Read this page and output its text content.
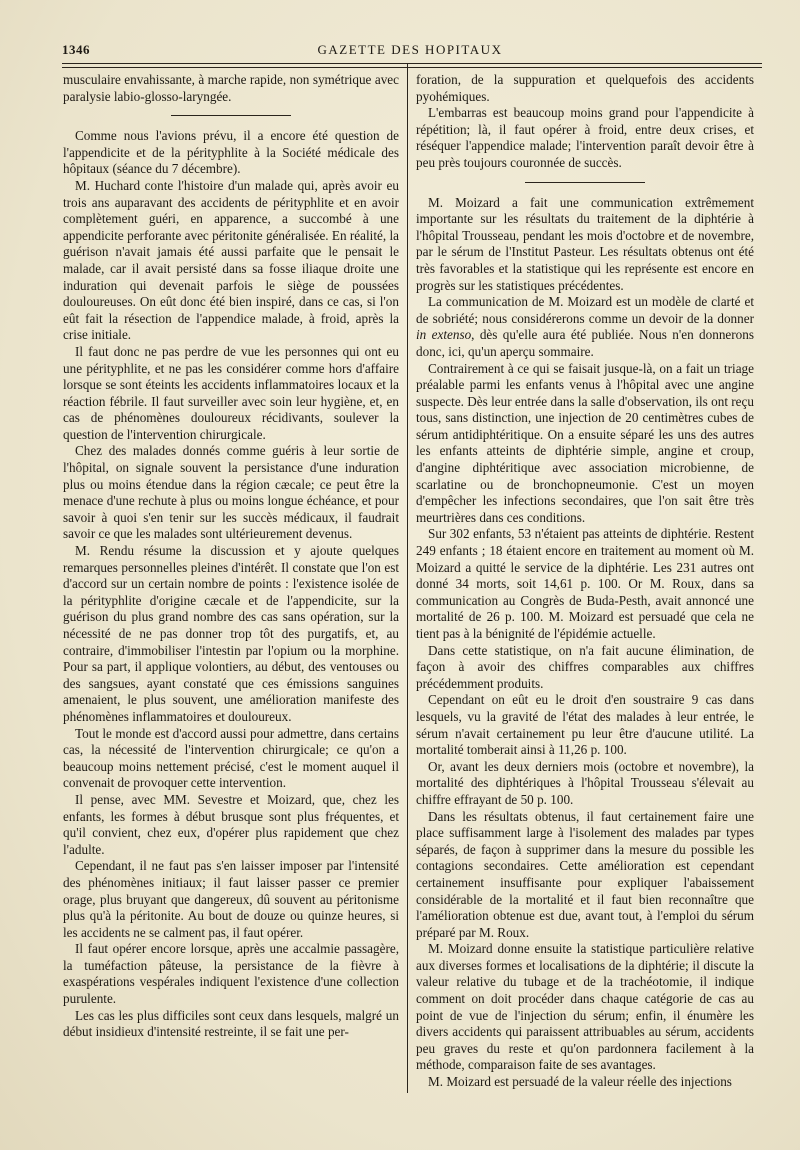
1346	GAZETTE DES HOPITAUX

musculaire envahissante, à marche rapide, non symétrique avec paralysie labio-glosso-laryngée.

Comme nous l'avions prévu, il a encore été question de l'appendicite et de la pérityphlite à la Société médicale des hôpitaux (séance du 7 décembre).

M. Huchard conte l'histoire d'un malade qui, après avoir eu trois ans auparavant des accidents de pérityphlite et en avoir complètement guéri, en apparence, a succombé à une appendicite perforante avec péritonite généralisée. En réalité, la guérison n'avait jamais été aussi parfaite que le pensait le malade, car il avait persisté dans sa fosse iliaque droite une induration qui devenait parfois le siège de poussées douloureuses. On eût donc été bien inspiré, dans ce cas, si l'on eût fait la résection de l'appendice malade, à froid, après la crise initiale.

Il faut donc ne pas perdre de vue les personnes qui ont eu une pérityphlite, et ne pas les considérer comme hors d'affaire lorsque se sont éteints les accidents inflammatoires locaux et la réaction fébrile. Il faut surveiller avec soin leur hygiène, et, en cas de phénomènes douloureux récidivants, soulever la question de l'intervention chirurgicale.

Chez des malades donnés comme guéris à leur sortie de l'hôpital, on signale souvent la persistance d'une induration plus ou moins étendue dans la région cæcale; ce peut être la menace d'une rechute à plus ou moins longue échéance, et pour savoir à quoi s'en tenir sur les succès médicaux, il faudrait savoir ce que les malades sont ultérieurement devenus.

M. Rendu résume la discussion et y ajoute quelques remarques personnelles pleines d'intérêt. Il constate que l'on est d'accord sur un certain nombre de points : l'existence isolée de la pérityphlite d'origine cæcale et de l'appendicite, sur la guérison du plus grand nombre des cas sans opération, sur la nécessité de ne pas donner trop tôt des purgatifs, et, au contraire, d'immobiliser l'intestin par l'opium ou la morphine. Pour sa part, il applique volontiers, au début, des ventouses ou des sangsues, ayant constaté que ces émissions sanguines amenaient, le plus souvent, une amélioration manifeste des phénomènes inflammatoires et douloureux.

Tout le monde est d'accord aussi pour admettre, dans certains cas, la nécessité de l'intervention chirurgicale; ce qu'on a beaucoup moins nettement précisé, c'est le moment auquel il convenait de provoquer cette intervention.

Il pense, avec MM. Sevestre et Moizard, que, chez les enfants, les formes à début brusque sont plus fréquentes, et qu'il convient, chez eux, d'opérer plus rapidement que chez l'adulte.

Cependant, il ne faut pas s'en laisser imposer par l'intensité des phénomènes initiaux; il faut laisser passer ce premier orage, plus bruyant que dangereux, dû souvent au péritonisme plus qu'à la péritonite. Au bout de douze ou quinze heures, si les accidents ne se calment pas, il faut opérer.

Il faut opérer encore lorsque, après une accalmie passagère, la tuméfaction pâteuse, la persistance de la fièvre à exaspérations vespérales indiquent l'existence d'une collection purulente.

Les cas les plus difficiles sont ceux dans lesquels, malgré un début insidieux d'intensité restreinte, il se fait une per-

foration, de la suppuration et quelquefois des accidents pyohémiques.

L'embarras est beaucoup moins grand pour l'appendicite à répétition; là, il faut opérer à froid, entre deux crises, et réséquer l'appendice malade; l'intervention paraît devoir être à peu près toujours couronnée de succès.

M. Moizard a fait une communication extrêmement importante sur les résultats du traitement de la diphtérie à l'hôpital Trousseau, pendant les mois d'octobre et de novembre, par le sérum de l'Institut Pasteur. Les résultats obtenus ont été très favorables et la statistique qui les représente est encore en progrès sur les statistiques précédentes.

La communication de M. Moizard est un modèle de clarté et de sobriété; nous considérerons comme un devoir de la donner in extenso, dès qu'elle aura été publiée. Nous n'en donnerons donc, ici, qu'un aperçu sommaire.

Contrairement à ce qui se faisait jusque-là, on a fait un triage préalable parmi les enfants venus à l'hôpital avec une angine suspecte. Dès leur entrée dans la salle d'observation, ils ont reçu tous, sans distinction, une injection de 20 centimètres cubes de sérum antidiphtéritique. On a ensuite séparé les uns des autres les enfants atteints de diphtérie simple, angine et croup, d'angine diphtéritique avec association microbienne, de scarlatine ou de bronchopneumonie. C'est un moyen d'empêcher les infections secondaires, que l'on sait être très meurtrières dans ces conditions.

Sur 302 enfants, 53 n'étaient pas atteints de diphtérie. Restent 249 enfants ; 18 étaient encore en traitement au moment où M. Moizard a quitté le service de la diphtérie. Les 231 autres ont donné 34 morts, soit 14,61 p. 100. Or M. Roux, dans sa communication au Congrès de Buda-Pesth, avait annoncé une mortalité de 26 p. 100. M. Moizard est persuadé que cela ne tient pas à la bénignité de l'épidémie actuelle.

Dans cette statistique, on n'a fait aucune élimination, de façon à avoir des chiffres comparables aux chiffres précédemment produits.

Cependant on eût eu le droit d'en soustraire 9 cas dans lesquels, vu la gravité de l'état des malades à leur entrée, le sérum n'avait certainement pu leur être d'aucune utilité. La mortalité tomberait ainsi à 11,26 p. 100.

Or, avant les deux derniers mois (octobre et novembre), la mortalité des diphtériques à l'hôpital Trousseau s'élevait au chiffre effrayant de 50 p. 100.

Dans les résultats obtenus, il faut certainement faire une place suffisamment large à l'isolement des malades par types séparés, de façon à supprimer dans la mesure du possible les contagions secondaires. Cette amélioration est cependant certainement insuffisante pour expliquer l'abaissement considérable de la mortalité et il faut bien reconnaître que l'amélioration obtenue est due, avant tout, à l'emploi du sérum préparé par M. Roux.

M. Moizard donne ensuite la statistique particulière relative aux diverses formes et localisations de la diphtérie; il discute la valeur relative du tubage et de la trachéotomie, il indique comment on doit procéder dans chaque catégorie de cas au point de vue de l'injection du sérum; enfin, il énumère les divers accidents qui paraissent attribuables au sérum, accidents peu graves du reste et qu'on pardonnera facilement à la méthode, comparaison faite de ses avantages.

M. Moizard est persuadé de la valeur réelle des injections
